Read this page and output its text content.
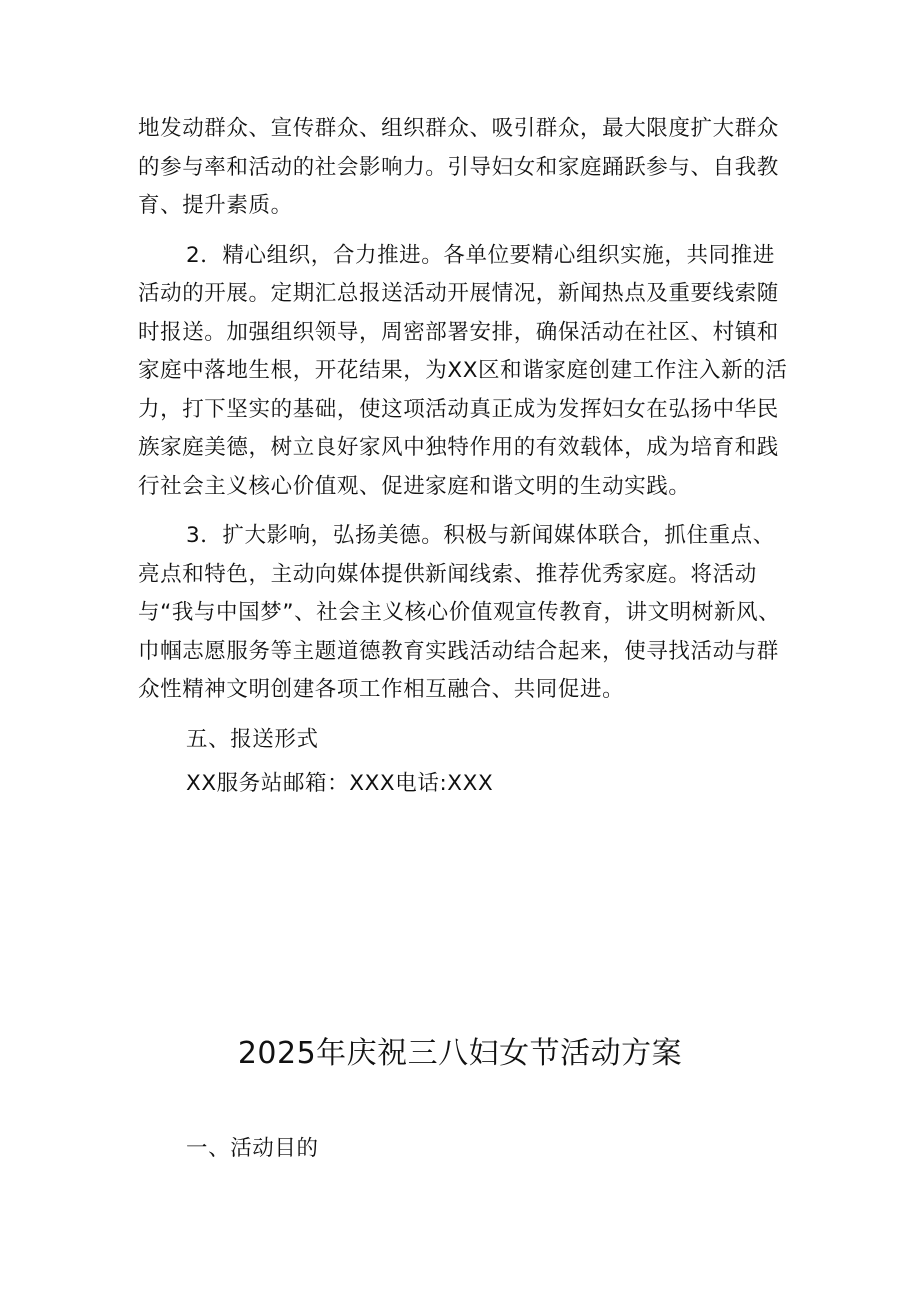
地发动群众、宣传群众、组织群众、吸引群众，最大限度扩大群众的参与率和活动的社会影响力。引导妇女和家庭踊跃参与、自我教育、提升素质。

2．精心组织，合力推进。各单位要精心组织实施，共同推进活动的开展。定期汇总报送活动开展情况，新闻热点及重要线索随时报送。加强组织领导，周密部署安排，确保活动在社区、村镇和家庭中落地生根，开花结果，为XX区和谐家庭创建工作注入新的活力，打下坚实的基础，使这项活动真正成为发挥妇女在弘扬中华民族家庭美德，树立良好家风中独特作用的有效载体，成为培育和践行社会主义核心价值观、促进家庭和谐文明的生动实践。

3．扩大影响，弘扬美德。积极与新闻媒体联合，抓住重点、亮点和特色，主动向媒体提供新闻线索、推荐优秀家庭。将活动与“我与中国梦”、社会主义核心价值观宣传教育，讲文明树新风、巾帼志愿服务等主题道德教育实践活动结合起来，使寻找活动与群众性精神文明创建各项工作相互融合、共同促进。

五、报送形式

XX服务站邮箱：XXX电话:XXX

2025年庆祝三八妇女节活动方案
一、活动目的
